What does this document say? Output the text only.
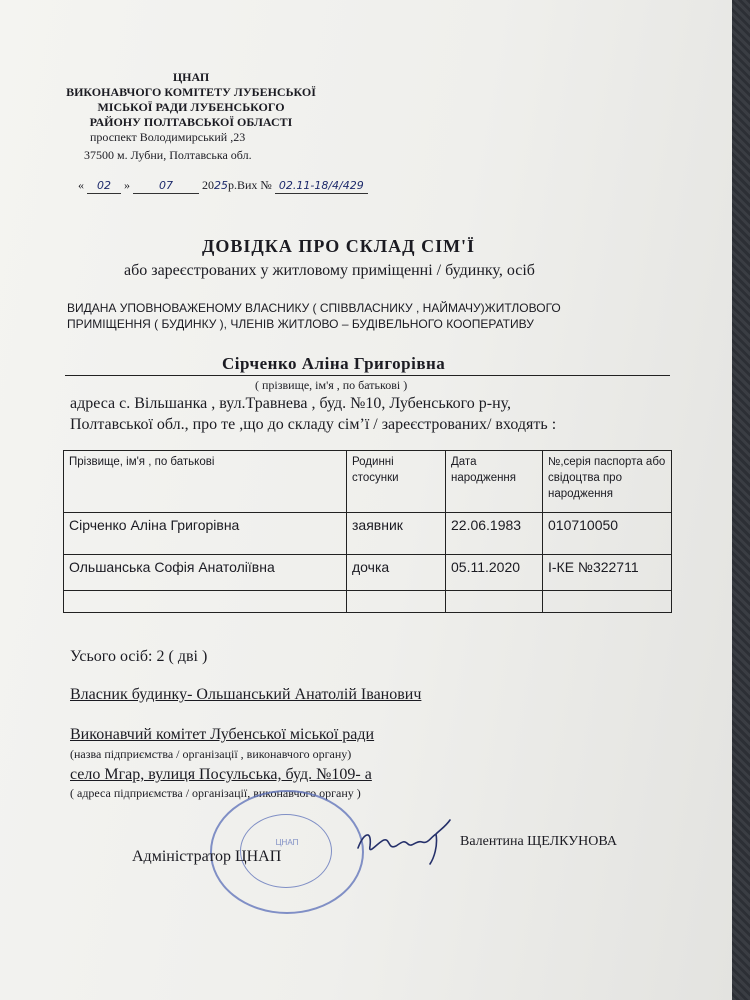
ЦНАП
ВИКОНАВЧОГО КОМІТЕТУ ЛУБЕНСЬКОЇ
МІСЬКОЇ РАДИ ЛУБЕНСЬКОГО
РАЙОНУ ПОЛТАВСЬКОЇ ОБЛАСТІ
проспект Володимирський ,23
37500 м. Лубни, Полтавська обл.
« 02 »	07 2025р.Вих № 02.11-18/4/429
ДОВІДКА ПРО СКЛАД СІМ'Ї
або зареєстрованих у житловому приміщенні / будинку, осіб
ВИДАНА УПОВНОВАЖЕНОМУ ВЛАСНИКУ ( СПІВВЛАСНИКУ , НАЙМАЧУ)ЖИТЛОВОГО
ПРИМІЩЕННЯ ( БУДИНКУ ), ЧЛЕНІВ ЖИТЛОВО – БУДІВЕЛЬНОГО КООПЕРАТИВУ
Сірченко Аліна Григорівна
( прізвище, ім'я , по батькові )
адреса с. Вільшанка , вул.Травнева , буд. №10, Лубенського р-ну,
Полтавської обл., про те ,що до складу сім’ї / зареєстрованих/ входять :
Прізвище, ім'я , по батькові	Родинні стосунки	Дата народження	№,серія паспорта або свідоцтва про народження
Сірченко Аліна Григорівна	заявник	22.06.1983	010710050
Ольшанська Софія Анатоліївна	дочка	05.11.2020	І-КЕ №322711

Усього осіб: 2 ( дві )
Власник будинку- Ольшанський Анатолій Іванович
Виконавчий комітет Лубенської міської ради
(назва підприємства / організації , виконавчого органу)
село Мгар, вулиця Посульська, буд. №109- а
( адреса підприємства / організації, виконавчого органу )
ЦНАП
Адміністратор ЦНАП
Валентина ЩЕЛКУНОВА
